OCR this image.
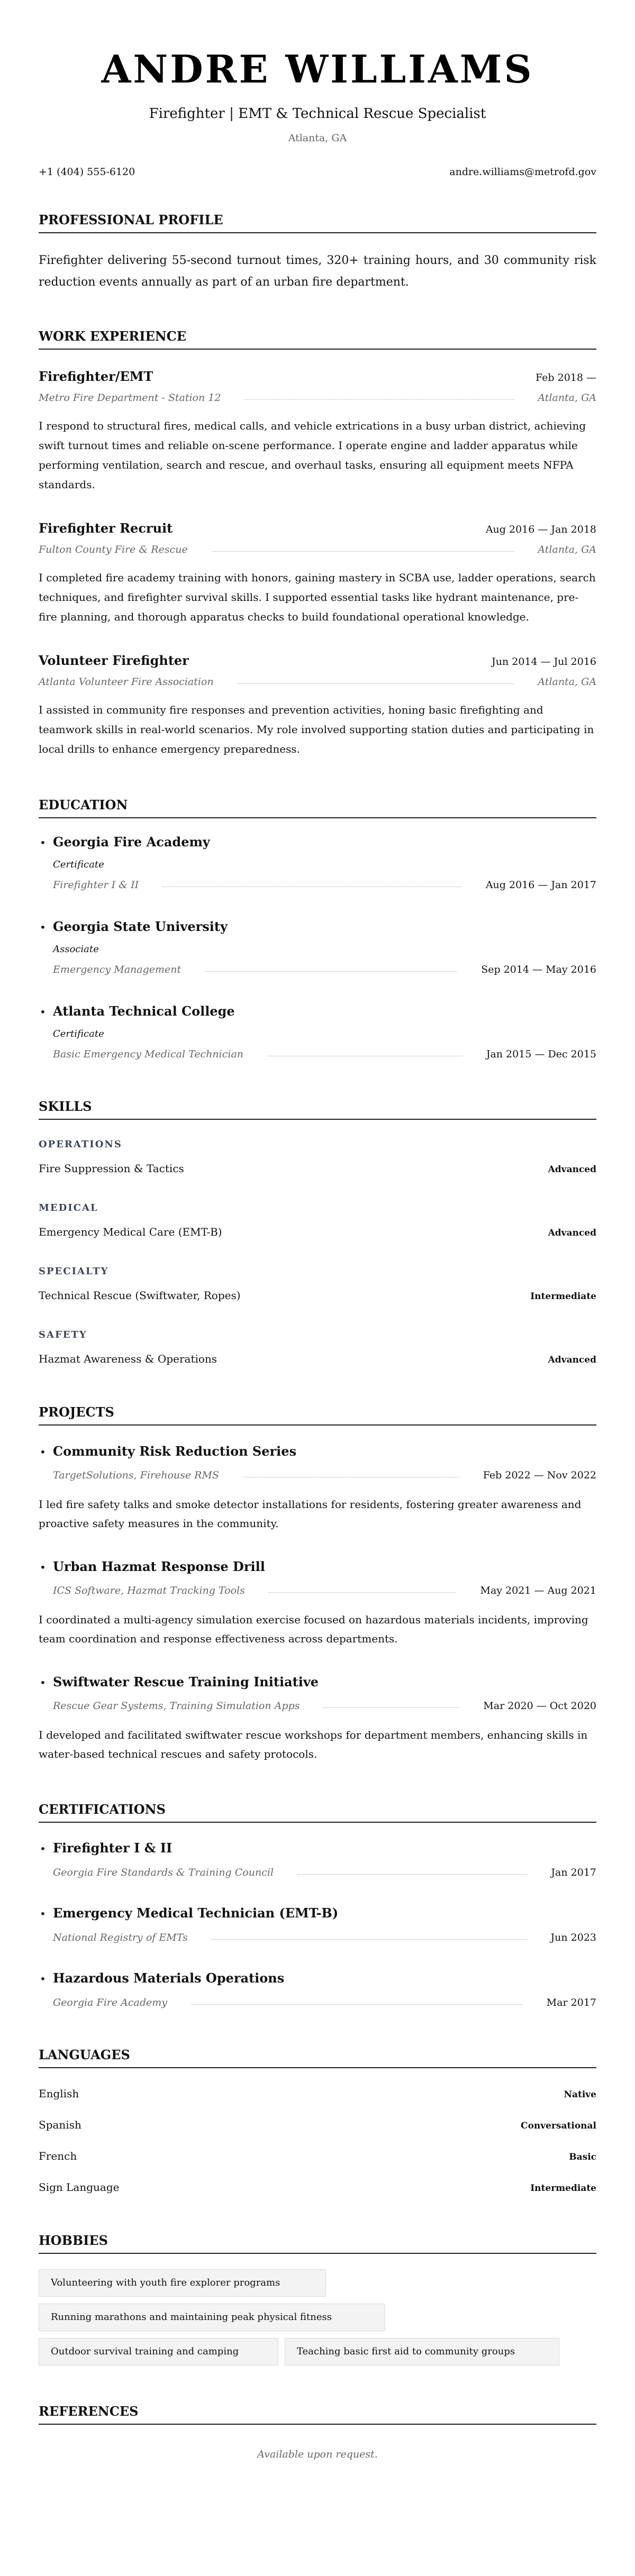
ANDRE WILLIAMS
Firefighter | EMT & Technical Rescue Specialist
Atlanta, GA
+1 (404) 555-6120	andre.williams@metrofd.gov
PROFESSIONAL PROFILE

Firefighter delivering 55-second turnout times, 320+ training hours, and 30 community risk reduction events annually as part of an urban fire department.

WORK EXPERIENCE
Firefighter/EMT	Feb 2018 —
Metro Fire Department - Station 12	Atlanta, GA

I respond to structural fires, medical calls, and vehicle extrications in a busy urban district, achieving swift turnout times and reliable on-scene performance. I operate engine and ladder apparatus while performing ventilation, search and rescue, and overhaul tasks, ensuring all equipment meets NFPA standards.

Firefighter Recruit	Aug 2016 — Jan 2018
Fulton County Fire & Rescue	Atlanta, GA

I completed fire academy training with honors, gaining mastery in SCBA use, ladder operations, search techniques, and firefighter survival skills. I supported essential tasks like hydrant maintenance, pre-fire planning, and thorough apparatus checks to build foundational operational knowledge.

Volunteer Firefighter	Jun 2014 — Jul 2016
Atlanta Volunteer Fire Association	Atlanta, GA

I assisted in community fire responses and prevention activities, honing basic firefighting and teamwork skills in real-world scenarios. My role involved supporting station duties and participating in local drills to enhance emergency preparedness.

EDUCATION
• Georgia Fire Academy
Certificate
Firefighter I & II	Aug 2016 — Jan 2017
• Georgia State University
Associate
Emergency Management	Sep 2014 — May 2016
• Atlanta Technical College
Certificate
Basic Emergency Medical Technician	Jan 2015 — Dec 2015
SKILLS
OPERATIONS
Fire Suppression & Tactics	Advanced
MEDICAL
Emergency Medical Care (EMT-B)	Advanced
SPECIALTY
Technical Rescue (Swiftwater, Ropes)	Intermediate
SAFETY
Hazmat Awareness & Operations	Advanced
PROJECTS
• Community Risk Reduction Series
TargetSolutions, Firehouse RMS	Feb 2022 — Nov 2022

I led fire safety talks and smoke detector installations for residents, fostering greater awareness and proactive safety measures in the community.

• Urban Hazmat Response Drill
ICS Software, Hazmat Tracking Tools	May 2021 — Aug 2021

I coordinated a multi-agency simulation exercise focused on hazardous materials incidents, improving team coordination and response effectiveness across departments.

• Swiftwater Rescue Training Initiative
Rescue Gear Systems, Training Simulation Apps	Mar 2020 — Oct 2020

I developed and facilitated swiftwater rescue workshops for department members, enhancing skills in water-based technical rescues and safety protocols.

CERTIFICATIONS
• Firefighter I & II
Georgia Fire Standards & Training Council	Jan 2017
• Emergency Medical Technician (EMT-B)
National Registry of EMTs	Jun 2023
• Hazardous Materials Operations
Georgia Fire Academy	Mar 2017
LANGUAGES
English	Native
Spanish	Conversational
French	Basic
Sign Language	Intermediate
HOBBIES
Volunteering with youth fire explorer programs
Running marathons and maintaining peak physical fitness
Outdoor survival training and camping	Teaching basic first aid to community groups
REFERENCES

Available upon request.
